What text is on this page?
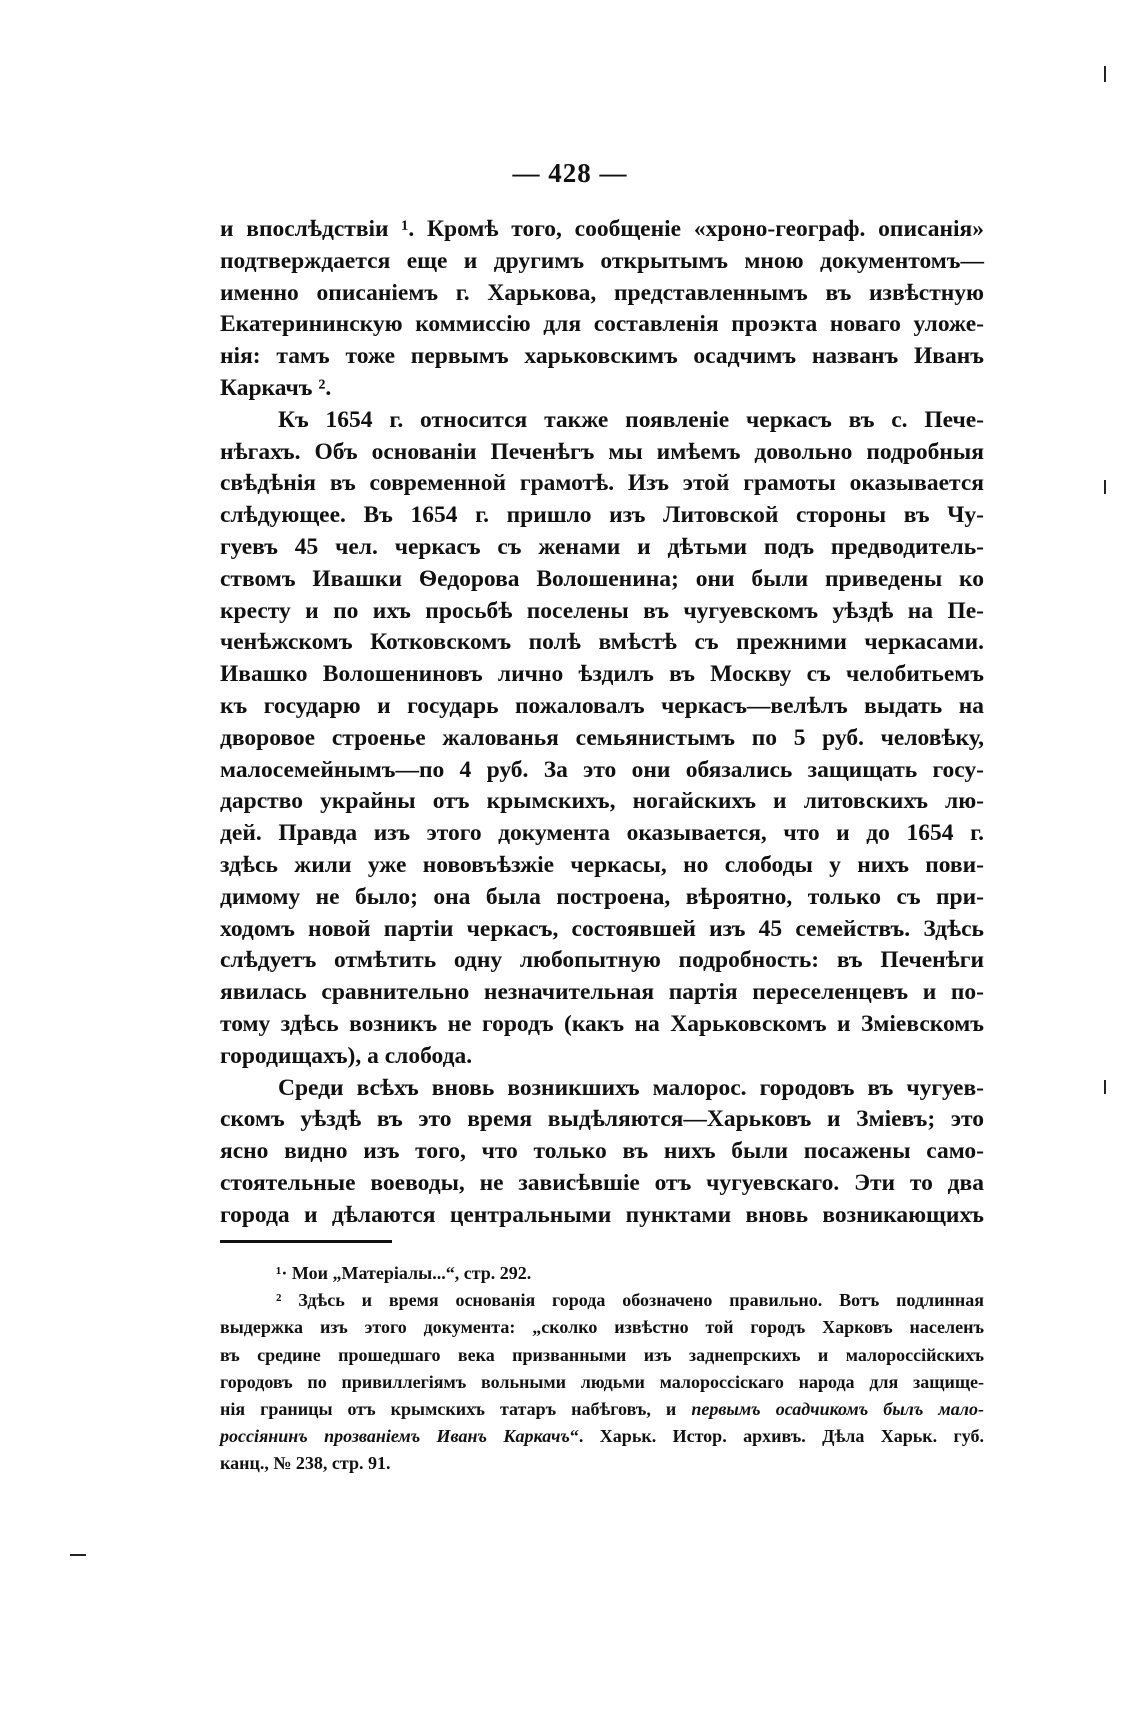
— 428 —

и впослѣдствіи ¹. Кромѣ того, сообщеніе «хроно-географ. описанія»
подтверждается еще и другимъ открытымъ мною документомъ—
именно описаніемъ г. Харькова, представленнымъ въ извѣстную
Екатерининскую коммиссію для составленія проэкта новаго уложе-
нія: тамъ тоже первымъ харьковскимъ осадчимъ названъ Иванъ
Каркачъ ².

Къ 1654 г. относится также появленіе черкасъ въ с. Пече-
нѣгахъ. Объ основаніи Печенѣгъ мы имѣемъ довольно подробныя
свѣдѣнія въ современной грамотѣ. Изъ этой грамоты оказывается
слѣдующее. Въ 1654 г. пришло изъ Литовской стороны въ Чу-
гуевъ 45 чел. черкасъ съ женами и дѣтьми подъ предводитель-
ствомъ Ивашки Ѳедорова Волошенина; они были приведены ко
кресту и по ихъ просьбѣ поселены въ чугуевскомъ уѣздѣ на Пе-
ченѣжскомъ Котковскомъ полѣ вмѣстѣ съ прежними черкасами.
Ивашко Волошениновъ лично ѣздилъ въ Москву съ челобитьемъ
къ государю и государь пожаловалъ черкасъ—велѣлъ выдать на
дворовое строенье жалованья семьянистымъ по 5 руб. человѣку,
малосемейнымъ—по 4 руб. За это они обязались защищать госу-
дарство украйны отъ крымскихъ, ногайскихъ и литовскихъ лю-
дей. Правда изъ этого документа оказывается, что и до 1654 г.
здѣсь жили уже нововъѣзжіе черкасы, но слободы у нихъ пови-
димому не было; она была построена, вѣроятно, только съ при-
ходомъ новой партіи черкасъ, состоявшей изъ 45 семействъ. Здѣсь
слѣдуетъ отмѣтить одну любопытную подробность: въ Печенѣги
явилась сравнительно незначительная партія переселенцевъ и по-
тому здѣсь возникъ не городъ (какъ на Харьковскомъ и Змiевскомъ
городищахъ), а слобода.

Среди всѣхъ вновь возникшихъ малорос. городовъ въ чугуев-
скомъ уѣздѣ въ это время выдѣляются—Харьковъ и Змiевъ; это
ясно видно изъ того, что только въ нихъ были посажены само-
стоятельные воеводы, не зависѣвшiе отъ чугуевскаго. Эти то два
города и дѣлаются центральными пунктами вновь возникающихъ

¹· Мои „Матеріалы...“, стр. 292.
² Здѣсь и время основанія города обозначено правильно. Вотъ подлинная
выдержка изъ этого документа: „сколко извѣстно той городъ Харковъ населенъ
въ средине прошедшаго века призванными изъ заднепрскихъ и малороссійскихъ
городовъ по привиллегіямъ вольными людьми малороссіскаго народа для защище-
нія границы отъ крымскихъ татаръ набѣговъ, и первымъ осадчикомъ былъ мало-
россіянинъ прозваніемъ Иванъ Каркачъ“. Харьк. Истор. архивъ. Дѣла Харьк. губ.
канц., № 238, стр. 91.
